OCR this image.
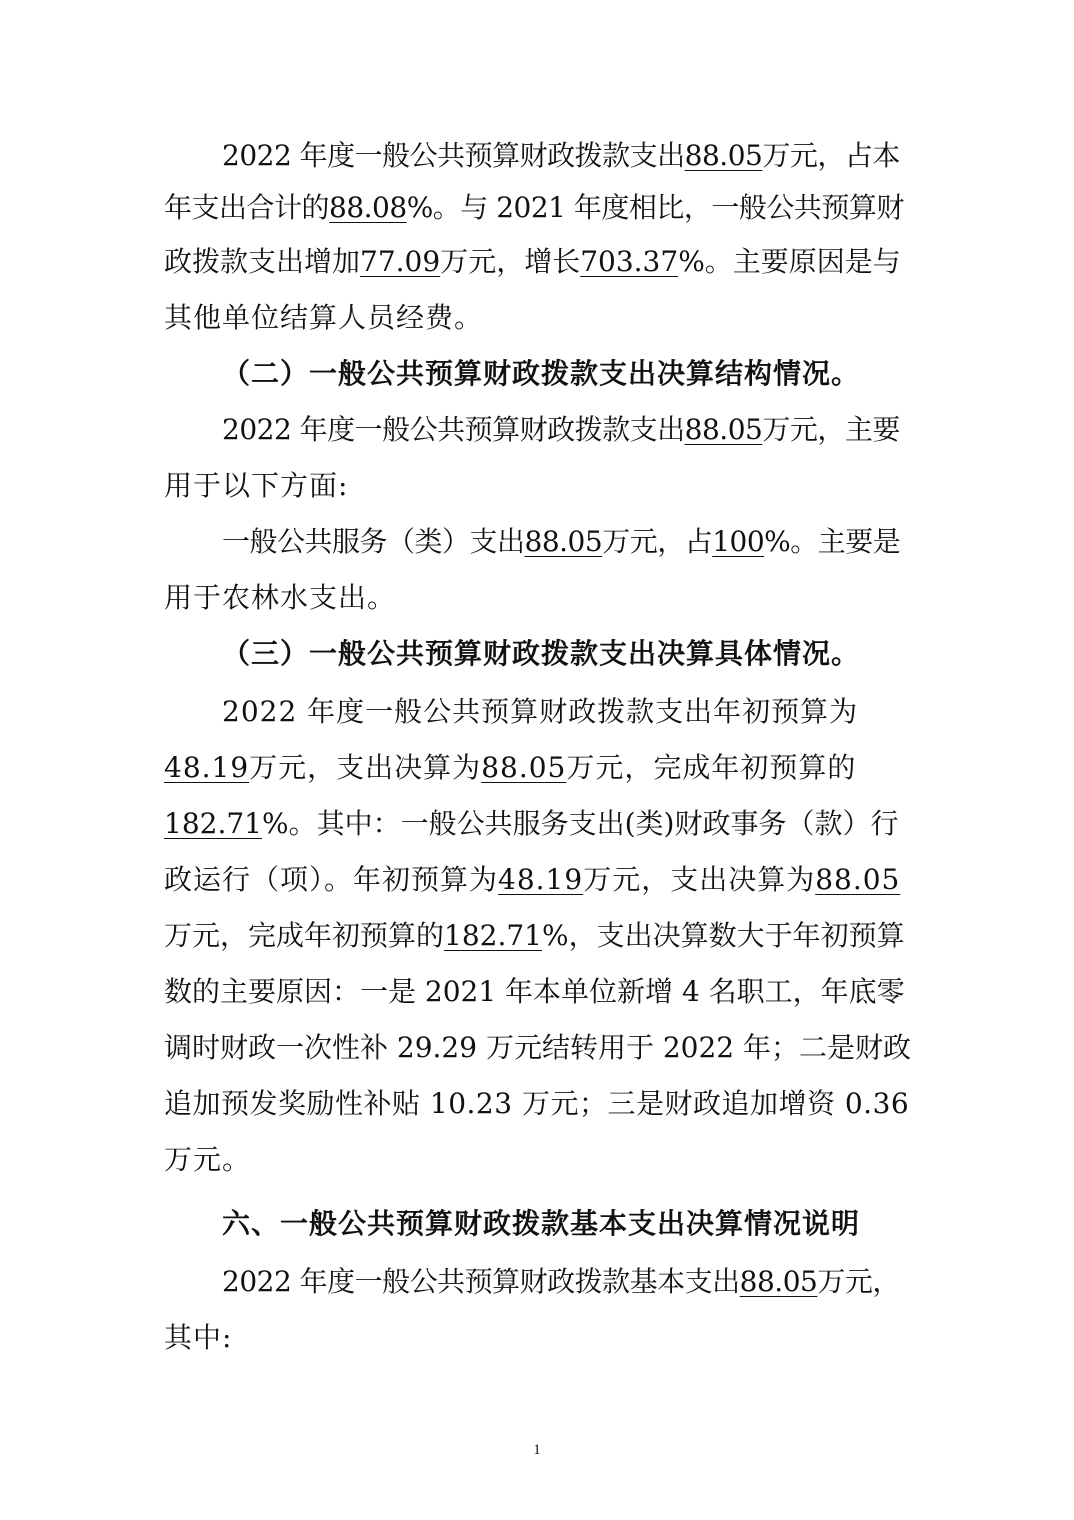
2022 年度一般公共预算财政拨款支出88.05万元，占本
年支出合计的88.08%。与 2021 年度相比，一般公共预算财
政拨款支出增加77.09万元，增长703.37%。主要原因是与
其他单位结算人员经费。
（二）一般公共预算财政拨款支出决算结构情况。
2022 年度一般公共预算财政拨款支出88.05万元，主要
用于以下方面:
一般公共服务（类）支出88.05万元，占100%。主要是
用于农林水支出。
（三）一般公共预算财政拨款支出决算具体情况。
2022 年度一般公共预算财政拨款支出年初预算为
48.19万元，支出决算为88.05万元，完成年初预算的
182.71%。其中：一般公共服务支出(类)财政事务（款）行
政运行（项）。年初预算为48.19万元，支出决算为88.05
万元，完成年初预算的182.71%，支出决算数大于年初预算
数的主要原因：一是 2021 年本单位新增 4 名职工，年底零
调时财政一次性补 29.29 万元结转用于 2022 年；二是财政
追加预发奖励性补贴 10.23 万元；三是财政追加增资 0.36
万元。
六、一般公共预算财政拨款基本支出决算情况说明
2022 年度一般公共预算财政拨款基本支出88.05万元，
其中:
1
